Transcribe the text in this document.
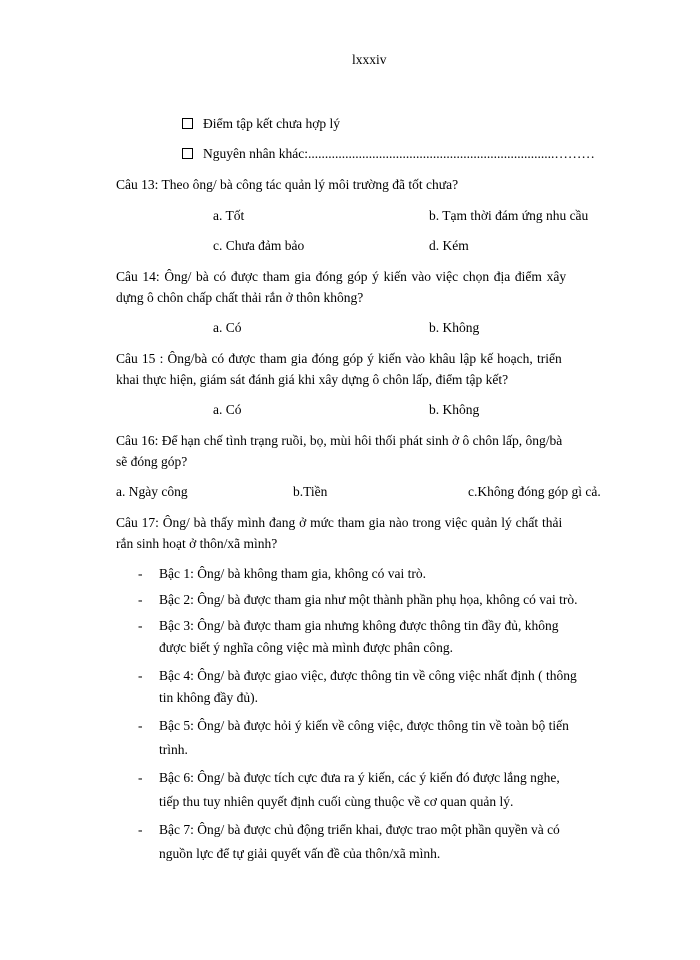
lxxxiv
Điểm tập kết chưa hợp lý
Nguyên nhân khác:.........................................................................………
Câu 13: Theo ông/ bà công tác quản lý môi trường đã tốt chưa?
a. Tốt	b. Tạm thời đám ứng nhu cầu
c. Chưa đảm bảo	d. Kém
Câu 14: Ông/ bà có được tham gia đóng góp ý kiến vào việc chọn địa điểm xây
dựng ô chôn chấp chất thải rắn ở thôn không?
a. Có	b. Không
Câu 15 : Ông/bà có được tham gia đóng góp ý kiến vào khâu lập kế hoạch, triển
khai thực hiện, giám sát đánh giá khi xây dựng ô chôn lấp, điểm tập kết?
a. Có	b. Không
Câu 16: Để hạn chế tình trạng ruồi, bọ, mùi hôi thối phát sinh ở ô chôn lấp, ông/bà
sẽ đóng góp?
a. Ngày công	b.Tiền	c.Không đóng góp gì cả.
Câu 17: Ông/ bà thấy mình đang ở mức tham gia nào trong việc quản lý chất thải
rắn sinh hoạt ở thôn/xã mình?
- Bậc 1: Ông/ bà không tham gia, không có vai trò.
- Bậc 2: Ông/ bà được tham gia như một thành phần phụ họa, không có vai trò.
- Bậc 3: Ông/ bà được tham gia nhưng không được thông tin đầy đủ, không
được biết ý nghĩa công việc mà mình được phân công.
- Bậc 4: Ông/ bà được giao việc, được thông tin về công việc nhất định ( thông
tin không đầy đủ).
- Bậc 5: Ông/ bà được hỏi ý kiến về công việc, được thông tin về toàn bộ tiến
trình.
- Bậc 6: Ông/ bà được tích cực đưa ra ý kiến, các ý kiến đó được lắng nghe,
tiếp thu tuy nhiên quyết định cuối cùng thuộc về cơ quan quản lý.
- Bậc 7: Ông/ bà được chủ động triển khai, được trao một phần quyền và có
nguồn lực để tự giải quyết vấn đề của thôn/xã mình.
